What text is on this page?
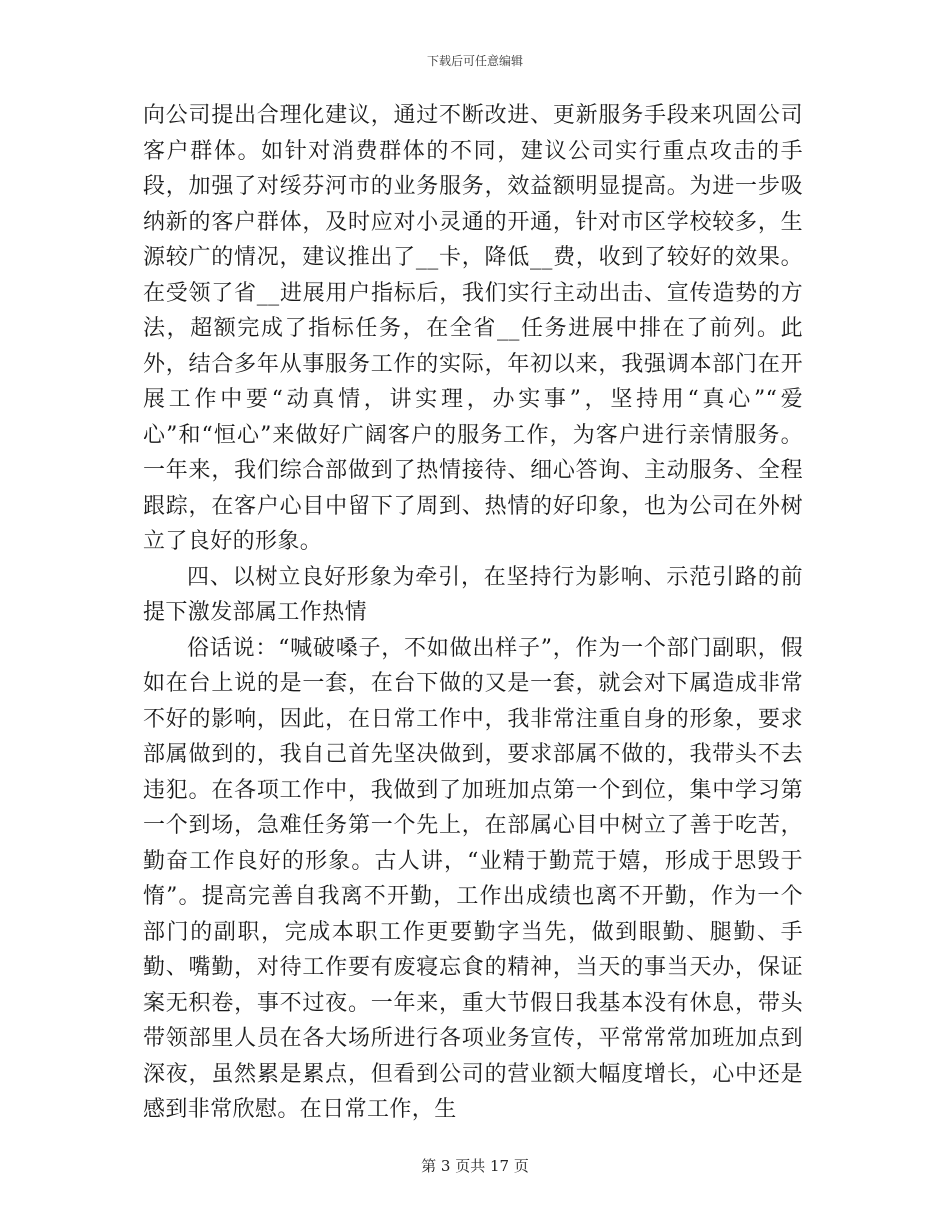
下载后可任意编辑

向公司提出合理化建议，通过不断改进、更新服务手段来巩固公司客户群体。如针对消费群体的不同，建议公司实行重点攻击的手段，加强了对绥芬河市的业务服务，效益额明显提高。为进一步吸纳新的客户群体，及时应对小灵通的开通，针对市区学校较多，生源较广的情况，建议推出了__卡，降低__费，收到了较好的效果。在受领了省__进展用户指标后，我们实行主动出击、宣传造势的方法，超额完成了指标任务，在全省__任务进展中排在了前列。此外，结合多年从事服务工作的实际，年初以来，我强调本部门在开展工作中要“动真情，讲实理，办实事”，坚持用“真心”“爱心”和“恒心”来做好广阔客户的服务工作，为客户进行亲情服务。一年来，我们综合部做到了热情接待、细心答询、主动服务、全程跟踪，在客户心目中留下了周到、热情的好印象，也为公司在外树立了良好的形象。

四、以树立良好形象为牵引，在坚持行为影响、示范引路的前提下激发部属工作热情

俗话说：“喊破嗓子，不如做出样子”，作为一个部门副职，假如在台上说的是一套，在台下做的又是一套，就会对下属造成非常不好的影响，因此，在日常工作中，我非常注重自身的形象，要求部属做到的，我自己首先坚决做到，要求部属不做的，我带头不去违犯。在各项工作中，我做到了加班加点第一个到位，集中学习第一个到场，急难任务第一个先上，在部属心目中树立了善于吃苦，勤奋工作良好的形象。古人讲，“业精于勤荒于嬉，形成于思毁于惰”。提高完善自我离不开勤，工作出成绩也离不开勤，作为一个部门的副职，完成本职工作更要勤字当先，做到眼勤、腿勤、手勤、嘴勤，对待工作要有废寝忘食的精神，当天的事当天办，保证案无积卷，事不过夜。一年来，重大节假日我基本没有休息，带头带领部里人员在各大场所进行各项业务宣传，平常常常加班加点到深夜，虽然累是累点，但看到公司的营业额大幅度增长，心中还是感到非常欣慰。在日常工作，生

第 3 页共 17 页
